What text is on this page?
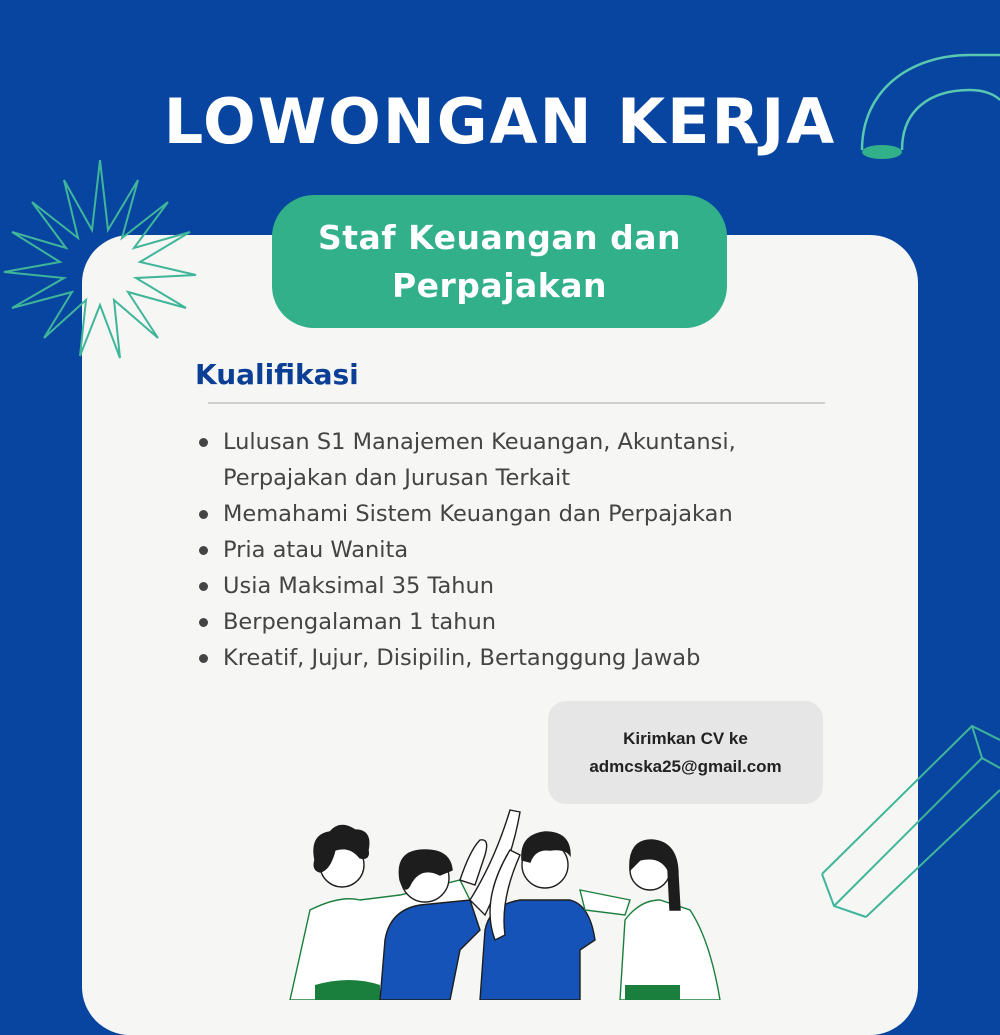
LOWONGAN KERJA
Staf Keuangan dan
Perpajakan
Kualifikasi
Lulusan S1 Manajemen Keuangan, Akuntansi,
Perpajakan dan Jurusan Terkait
Memahami Sistem Keuangan dan Perpajakan
Pria atau Wanita
Usia Maksimal 35 Tahun
Berpengalaman 1 tahun
Kreatif, Jujur, Disipilin, Bertanggung Jawab
Kirimkan CV ke
admcska25@gmail.com
